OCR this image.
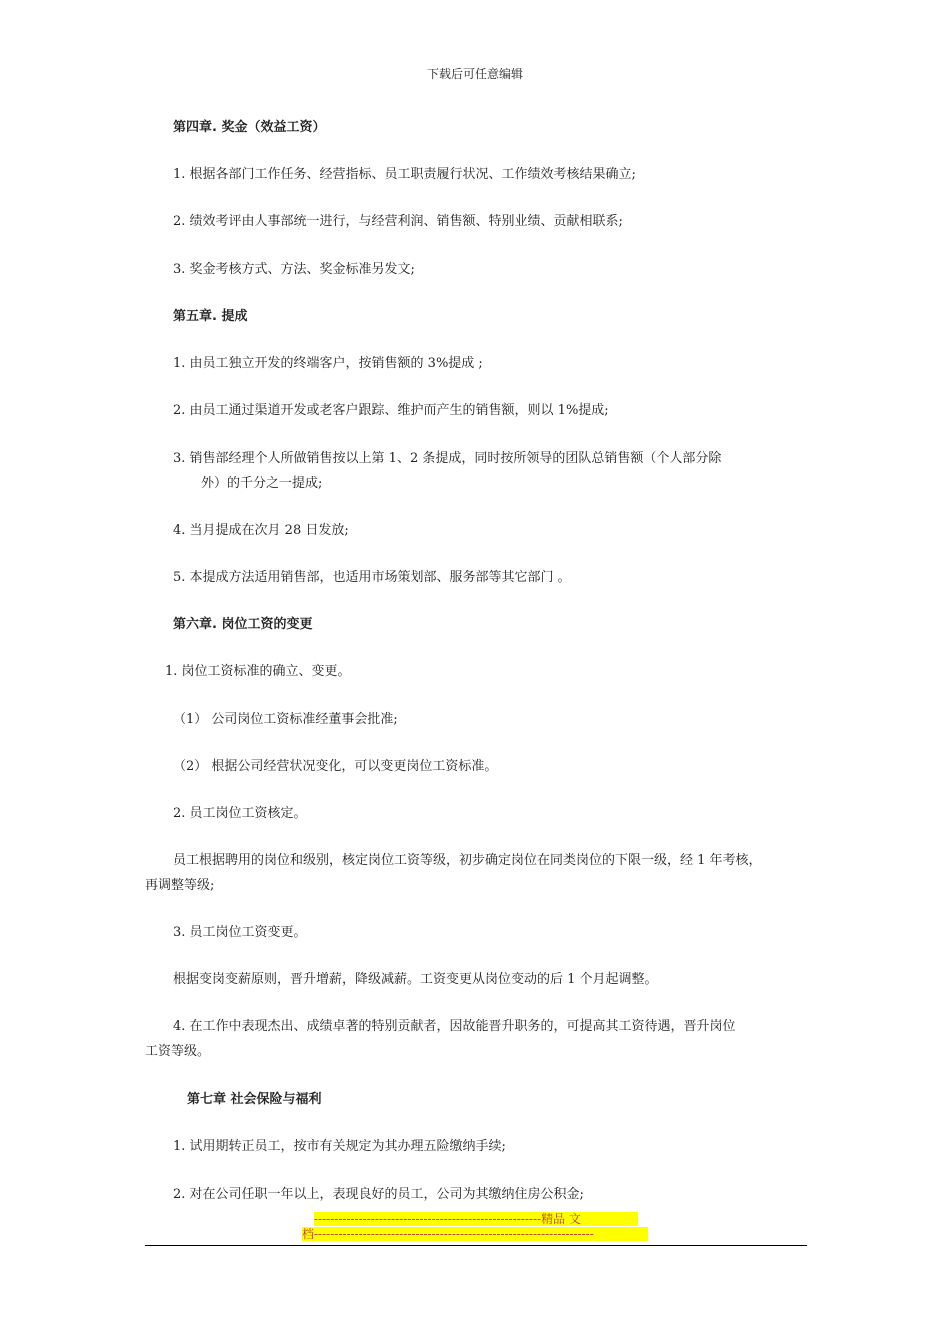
下载后可任意编辑
第四章. 奖金（效益工资）
1. 根据各部门工作任务、经营指标、员工职责履行状况、工作绩效考核结果确立;
2. 绩效考评由人事部统一进行，与经营利润、销售额、特别业绩、贡献相联系;
3. 奖金考核方式、方法、奖金标准另发文;
第五章. 提成
1. 由员工独立开发的终端客户，按销售额的 3%提成 ;
2. 由员工通过渠道开发或老客户跟踪、维护而产生的销售额，则以 1%提成;
3. 销售部经理个人所做销售按以上第 1、2 条提成，同时按所领导的团队总销售额（个人部分除
外）的千分之一提成;
4. 当月提成在次月 28 日发放;
5. 本提成方法适用销售部，也适用市场策划部、服务部等其它部门 。
第六章. 岗位工资的变更
1. 岗位工资标准的确立、变更。
（1） 公司岗位工资标准经董事会批准;
（2） 根据公司经营状况变化，可以变更岗位工资标准。
2. 员工岗位工资核定。
员工根据聘用的岗位和级别，核定岗位工资等级，初步确定岗位在同类岗位的下限一级，经 1 年考核，
再调整等级;
3. 员工岗位工资变更。
根据变岗变薪原则，晋升增薪，降级减薪。工资变更从岗位变动的后 1 个月起调整。
4. 在工作中表现杰出、成绩卓著的特别贡献者，因故能晋升职务的，可提高其工资待遇，晋升岗位
工资等级。
第七章 社会保险与福利
1. 试用期转正员工，按市有关规定为其办理五险缴纳手续;
2. 对在公司任职一年以上，表现良好的员工，公司为其缴纳住房公积金;
--------------------------------------------------------精品 文
档---------------------------------------------------------------------
